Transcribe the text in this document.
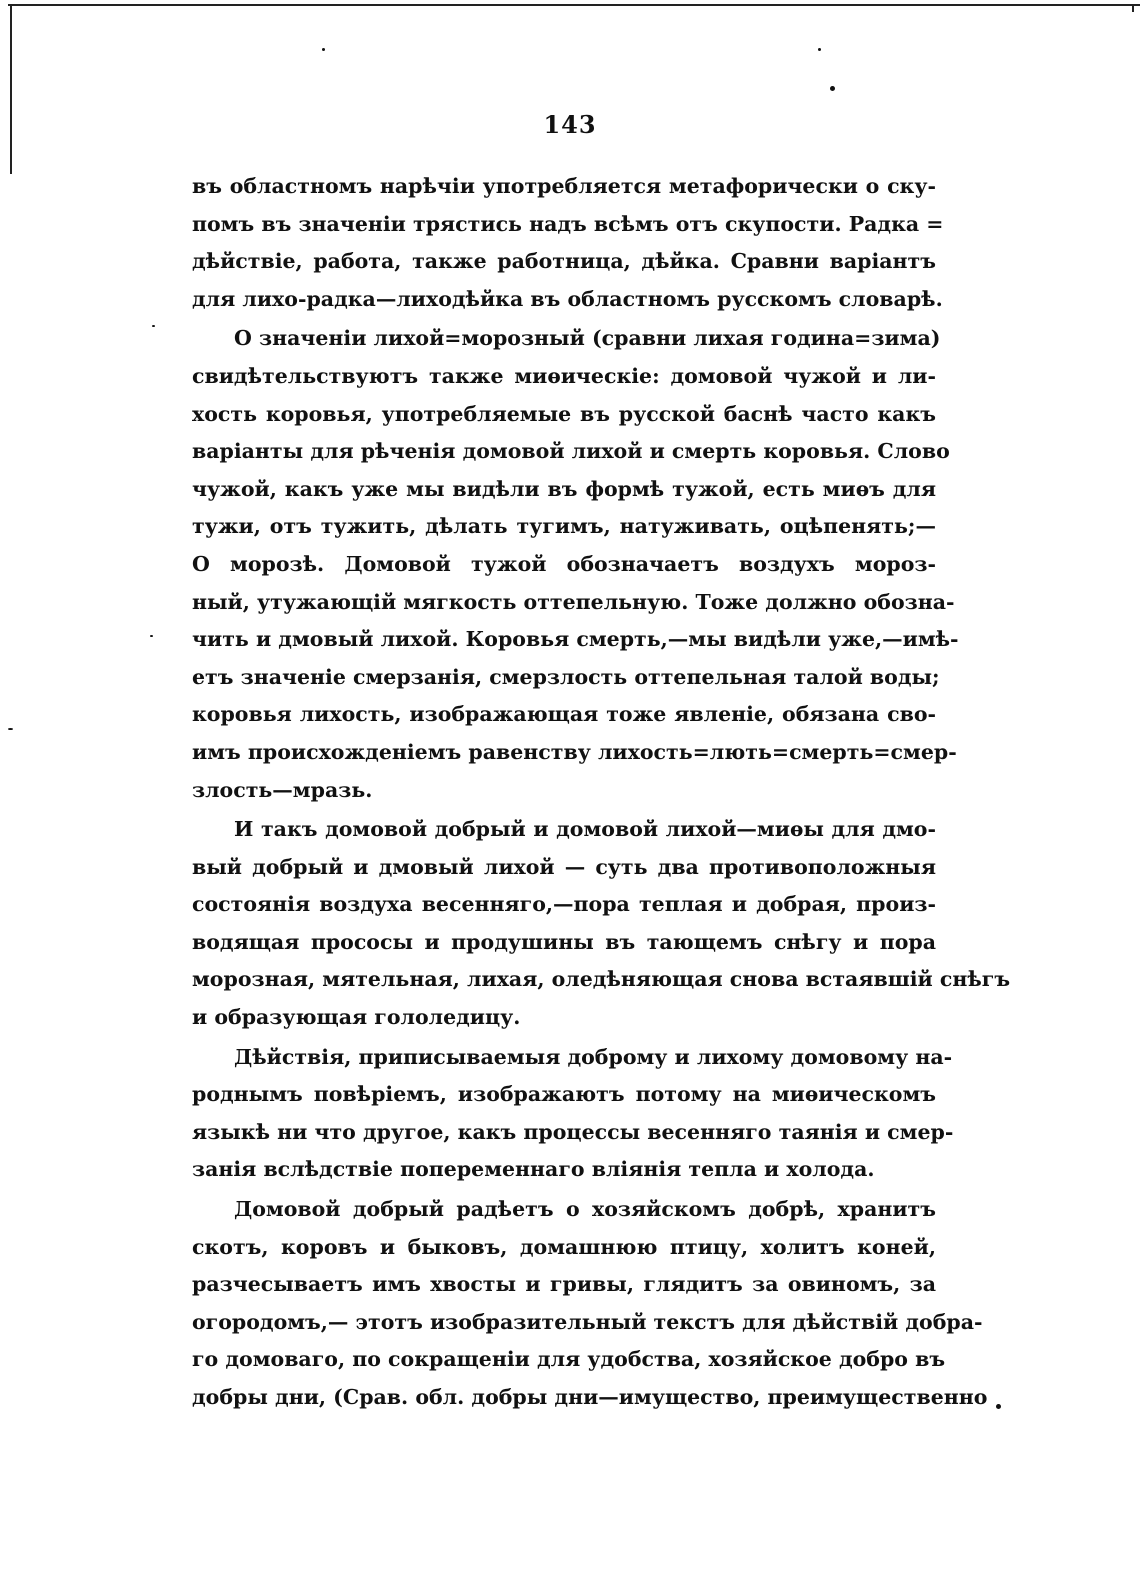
143
въ областномъ нарѣчіи употребляется метафорически о ску-
помъ въ значеніи трястись надъ всѣмъ отъ скупости. Радка =
дѣйствіе, работа, также работница, дѣйка. Сравни варіантъ
для лихо-радка—лиходѣйка въ областномъ русскомъ словарѣ.
О значеніи лихой=морозный (сравни лихая година=зима)
свидѣтельствуютъ также миѳическіе: домовой чужой и ли-
хость коровья, употребляемые въ русской баснѣ часто какъ
варіанты для рѣченія домовой лихой и смерть коровья. Слово
чужой, какъ уже мы видѣли въ формѣ тужой, есть миѳъ для
тужи, отъ тужить, дѣлать тугимъ, натуживать, оцѣпенять;—
О морозѣ. Домовой тужой обозначаетъ воздухъ мороз-
ный, утужающій мягкость оттепельную. Тоже должно обозна-
чить и дмовый лихой. Коровья смерть,—мы видѣли уже,—имѣ-
етъ значеніе смерзанія, смерзлость оттепельная талой воды;
коровья лихость, изображающая тоже явленіе, обязана сво-
имъ происхожденіемъ равенству лихость=лють=смерть=смер-
злость—мразь.
И такъ домовой добрый и домовой лихой—миѳы для дмо-
вый добрый и дмовый лихой — суть два противоположныя
состоянія воздуха весенняго,—пора теплая и добрая, произ-
водящая прососы и продушины въ тающемъ снѣгу и пора
морозная, мятельная, лихая, оледѣняющая снова встаявшій снѣгъ
и образующая гололедицу.
Дѣйствія, приписываемыя доброму и лихому домовому на-
роднымъ повѣріемъ, изображаютъ потому на миѳическомъ
языкѣ ни что другое, какъ процессы весенняго таянія и смер-
занія вслѣдствіе попеременнаго вліянія тепла и холода.
Домовой добрый радѣетъ о хозяйскомъ добрѣ, хранитъ
скотъ, коровъ и быковъ, домашнюю птицу, холитъ коней,
разчесываетъ имъ хвосты и гривы, глядитъ за овиномъ, за
огородомъ,— этотъ изобразительный текстъ для дѣйствій добра-
го домоваго, по сокращеніи для удобства, хозяйское добро въ
добры дни, (Срав. обл. добры дни—имущество, преимущественно
